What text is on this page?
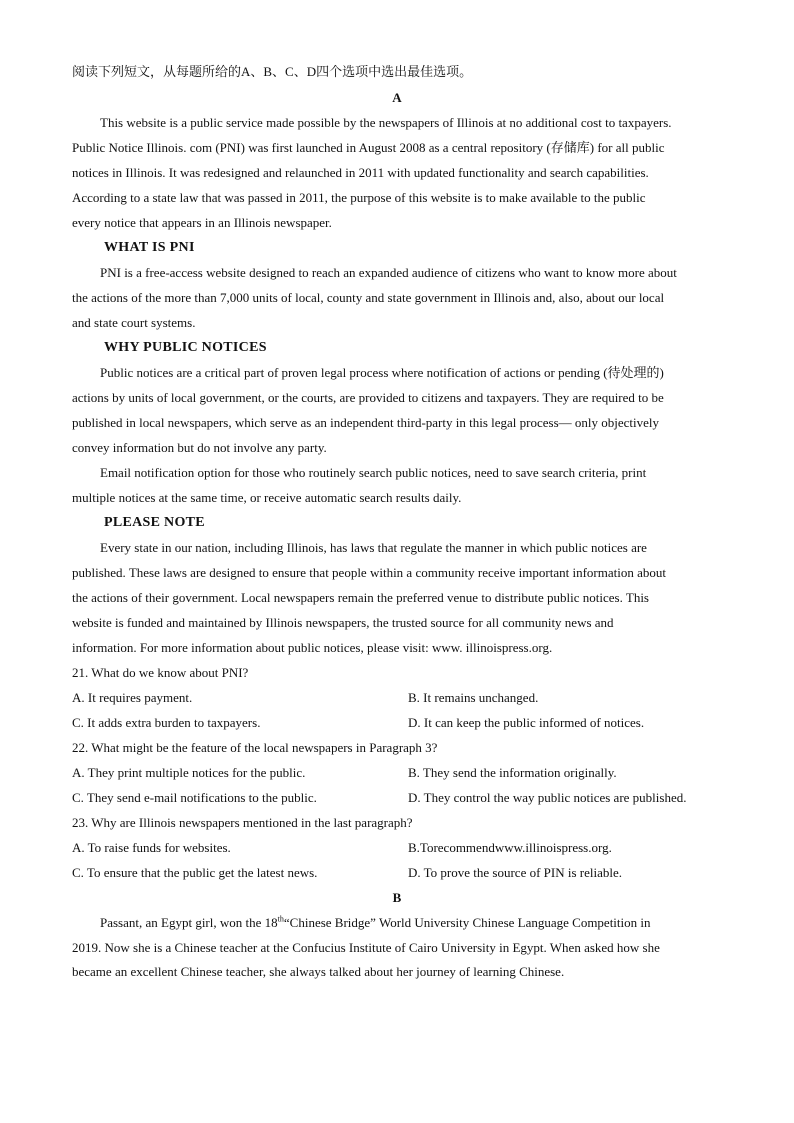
阅读下列短文，从每题所给的A、B、C、D四个选项中选出最佳选项。
A
This website is a public service made possible by the newspapers of Illinois at no additional cost to taxpayers.
Public Notice Illinois. com (PNI) was first launched in August 2008 as a central repository (存储库) for all public
notices in Illinois. It was redesigned and relaunched in 2011 with updated functionality and search capabilities.
According to a state law that was passed in 2011, the purpose of this website is to make available to the public
every notice that appears in an Illinois newspaper.
WHAT IS PNI
PNI is a free-access website designed to reach an expanded audience of citizens who want to know more about
the actions of the more than 7,000 units of local, county and state government in Illinois and, also, about our local
and state court systems.
WHY PUBLIC NOTICES
Public notices are a critical part of proven legal process where notification of actions or pending (待处理的)
actions by units of local government, or the courts, are provided to citizens and taxpayers. They are required to be
published in local newspapers, which serve as an independent third-party in this legal process— only objectively
convey information but do not involve any party.
Email notification option for those who routinely search public notices, need to save search criteria, print
multiple notices at the same time, or receive automatic search results daily.
PLEASE NOTE
Every state in our nation, including Illinois, has laws that regulate the manner in which public notices are
published. These laws are designed to ensure that people within a community receive important information about
the actions of their government. Local newspapers remain the preferred venue to distribute public notices. This
website is funded and maintained by Illinois newspapers, the trusted source for all community news and
information. For more information about public notices, please visit: www. illinoispress.org.
21. What do we know about PNI?
A. It requires payment.	B. It remains unchanged.
C. It adds extra burden to taxpayers.	D. It can keep the public informed of notices.
22. What might be the feature of the local newspapers in Paragraph 3?
A. They print multiple notices for the public.	B. They send the information originally.
C. They send e-mail notifications to the public.	D. They control the way public notices are published.
23. Why are Illinois newspapers mentioned in the last paragraph?
A. To raise funds for websites.	B.Torecommendwww.illinoispress.org.
C. To ensure that the public get the latest news.	D. To prove the source of PIN is reliable.
B
Passant, an Egypt girl, won the 18th“Chinese Bridge” World University Chinese Language Competition in
2019. Now she is a Chinese teacher at the Confucius Institute of Cairo University in Egypt. When asked how she
became an excellent Chinese teacher, she always talked about her journey of learning Chinese.
